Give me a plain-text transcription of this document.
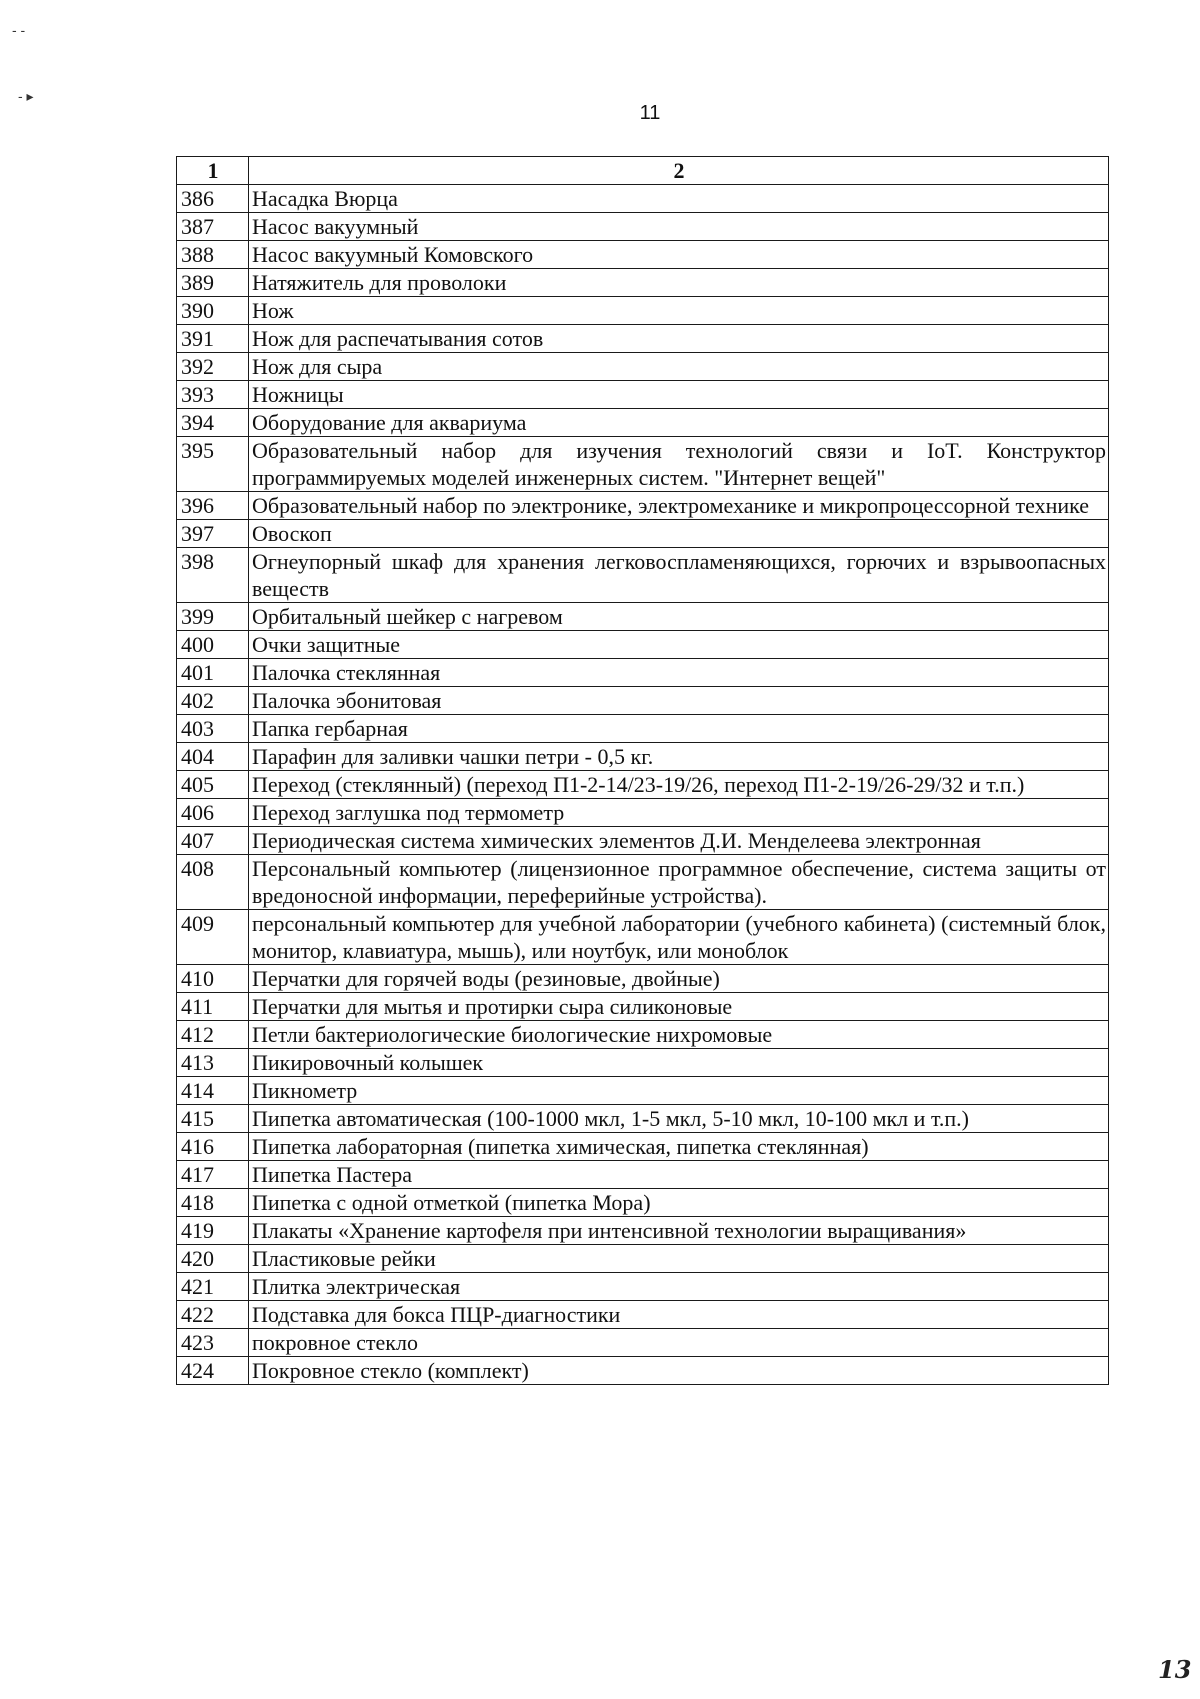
- -
- ▸
11
1	2
386	Насадка Вюрца
387	Насос вакуумный
388	Насос вакуумный Комовского
389	Натяжитель для проволоки
390	Нож
391	Нож для распечатывания сотов
392	Нож для сыра
393	Ножницы
394	Оборудование для аквариума
395	Образовательный набор для изучения технологий связи и IoT. Конструктор программируемых моделей инженерных систем. "Интернет вещей"
396	Образовательный набор по электронике, электромеханике и микропроцессорной технике
397	Овоскоп
398	Огнеупорный шкаф для хранения легковоспламеняющихся, горючих и взрывоопасных веществ
399	Орбитальный шейкер с нагревом
400	Очки защитные
401	Палочка стеклянная
402	Палочка эбонитовая
403	Папка гербарная
404	Парафин для заливки чашки петри - 0,5 кг.
405	Переход (стеклянный) (переход П1-2-14/23-19/26, переход П1-2-19/26-29/32 и т.п.)
406	Переход заглушка под термометр
407	Периодическая система химических элементов Д.И. Менделеева электронная
408	Персональный компьютер (лицензионное программное обеспечение, система защиты от вредоносной информации, переферийные устройства).
409	персональный компьютер для учебной лаборатории (учебного кабинета) (системный блок, монитор, клавиатура, мышь), или ноутбук, или моноблок
410	Перчатки для горячей воды (резиновые, двойные)
411	Перчатки для мытья и протирки сыра силиконовые
412	Петли бактериологические биологические нихромовые
413	Пикировочный колышек
414	Пикнометр
415	Пипетка автоматическая (100-1000 мкл, 1-5 мкл, 5-10 мкл, 10-100 мкл и т.п.)
416	Пипетка лабораторная (пипетка химическая, пипетка стеклянная)
417	Пипетка Пастера
418	Пипетка с одной отметкой (пипетка Мора)
419	Плакаты «Хранение картофеля при интенсивной технологии выращивания»
420	Пластиковые рейки
421	Плитка электрическая
422	Подставка для бокса ПЦР-диагностики
423	покровное стекло
424	Покровное стекло (комплект)
13
